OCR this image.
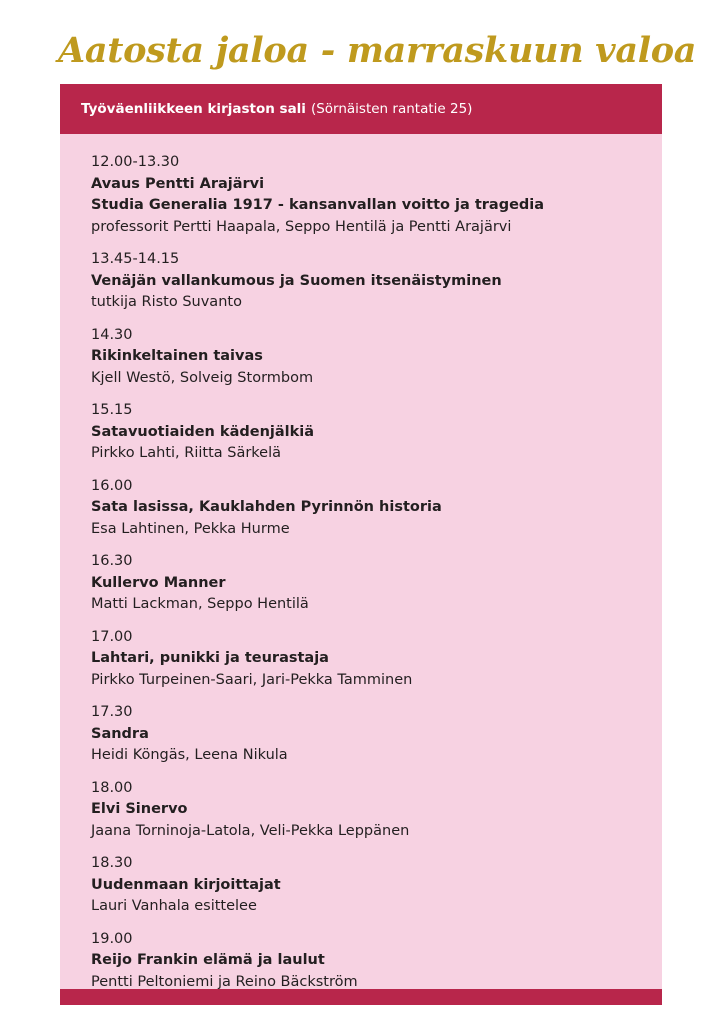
Aatosta jaloa - marraskuun valoa
Työväenliikkeen kirjaston sali (Sörnäisten rantatie 25)
12.00-13.30
Avaus Pentti Arajärvi
Studia Generalia 1917 - kansanvallan voitto ja tragedia
professorit Pertti Haapala, Seppo Hentilä ja Pentti Arajärvi
13.45-14.15
Venäjän vallankumous ja Suomen itsenäistyminen
tutkija Risto Suvanto
14.30
Rikinkeltainen taivas
Kjell Westö, Solveig Stormbom
15.15
Satavuotiaiden kädenjälkiä
Pirkko Lahti, Riitta Särkelä
16.00
Sata lasissa, Kauklahden Pyrinnön historia
Esa Lahtinen, Pekka Hurme
16.30
Kullervo Manner
Matti Lackman, Seppo Hentilä
17.00
Lahtari, punikki ja teurastaja
Pirkko Turpeinen-Saari, Jari-Pekka Tamminen
17.30
Sandra
Heidi Köngäs, Leena Nikula
18.00
Elvi Sinervo
Jaana Torninoja-Latola, Veli-Pekka Leppänen
18.30
Uudenmaan kirjoittajat
Lauri Vanhala esittelee
19.00
Reijo Frankin elämä ja laulut
Pentti Peltoniemi ja Reino Bäckström
